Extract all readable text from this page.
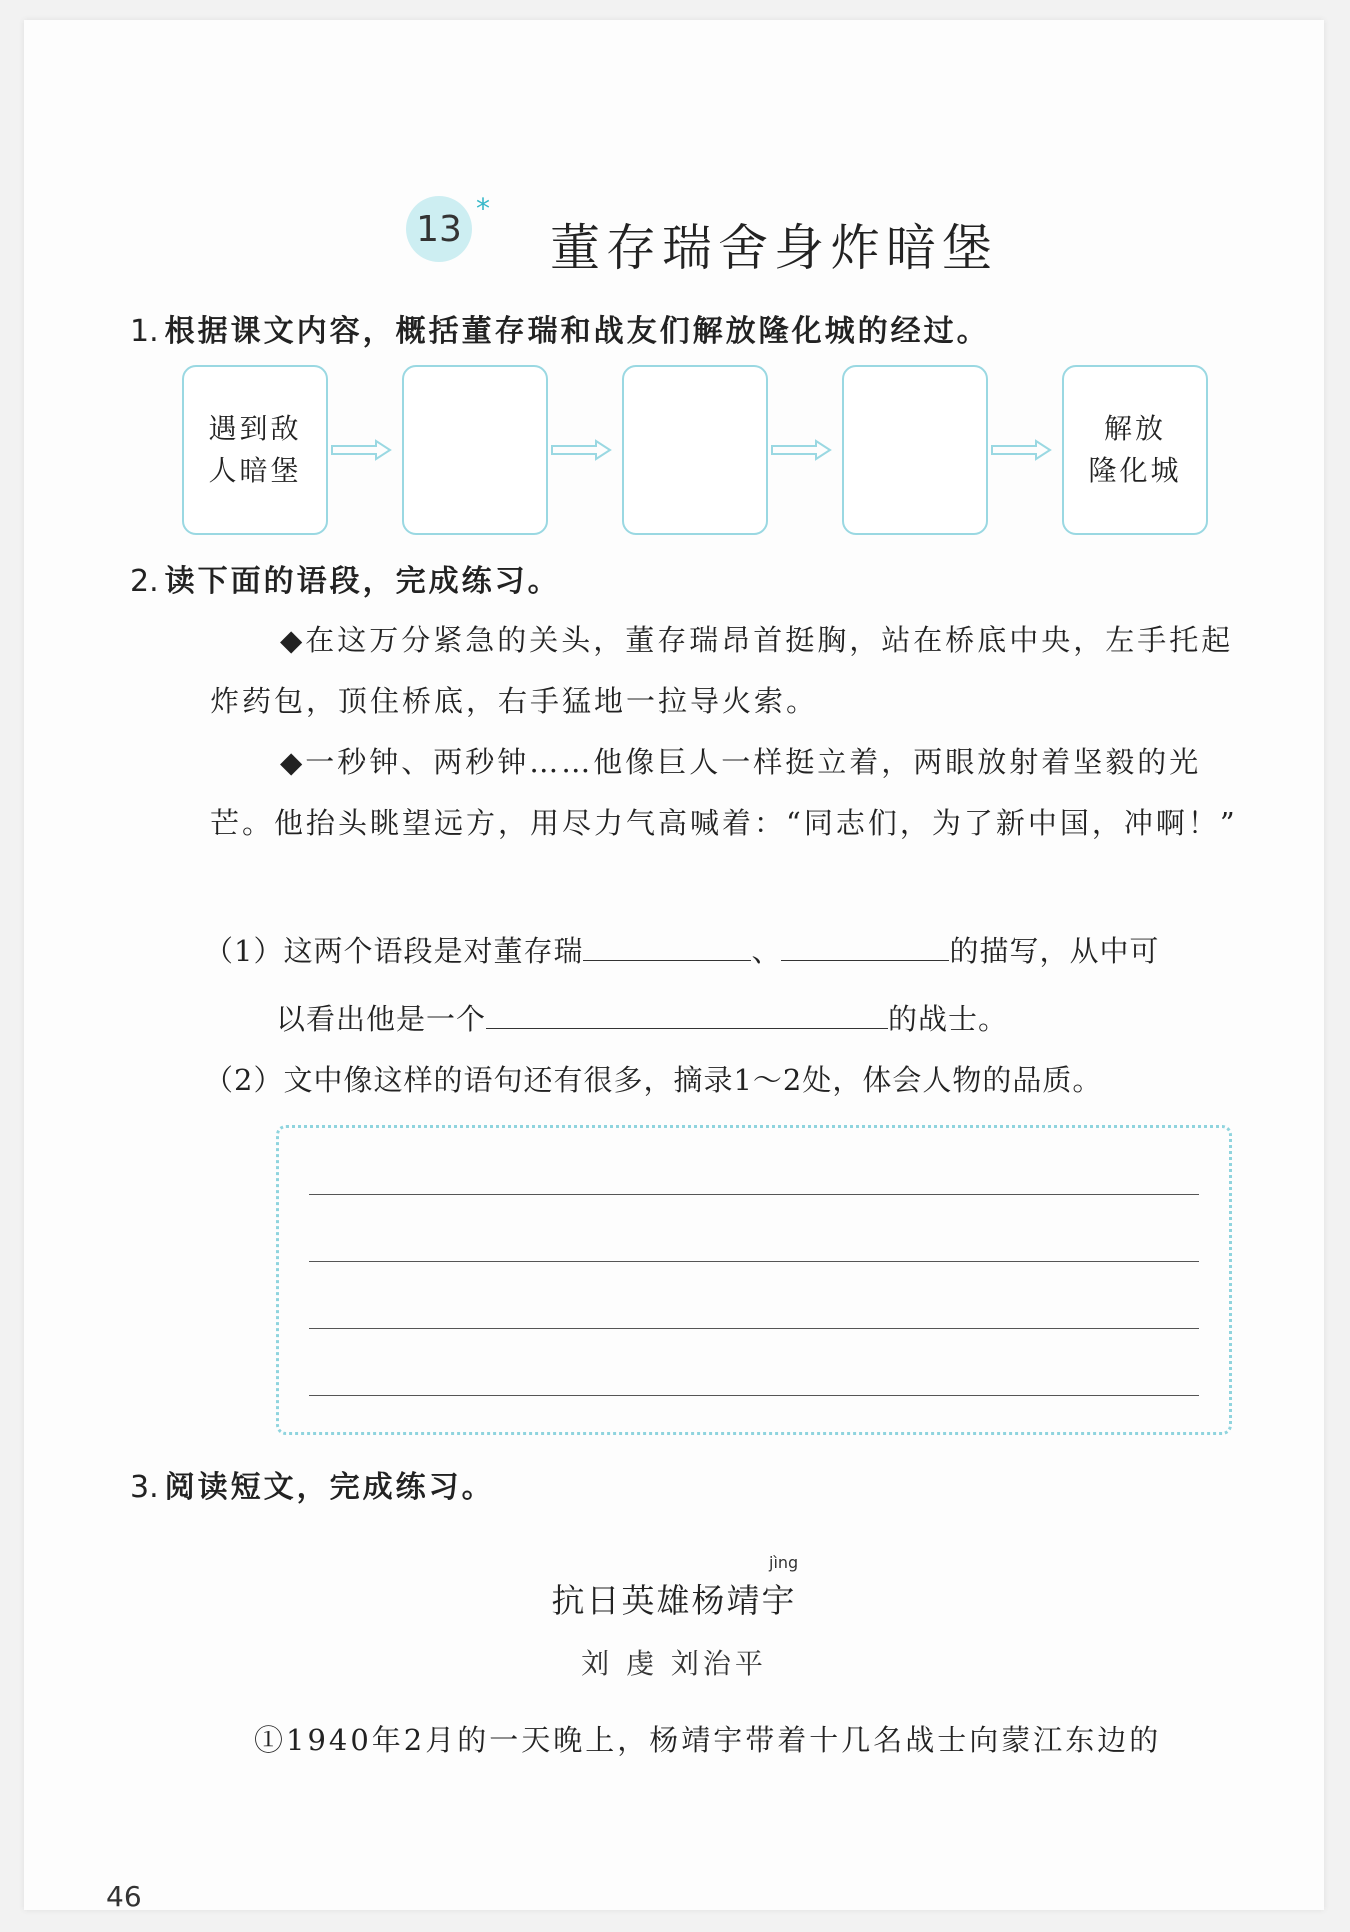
13 *
董存瑞舍身炸暗堡
1. 根据课文内容，概括董存瑞和战友们解放隆化城的经过。
遇到敌
人暗堡
解放
隆化城
2. 读下面的语段，完成练习。
◆在这万分紧急的关头，董存瑞昂首挺胸，站在桥底中央，左手托起炸药包，顶住桥底，右手猛地一拉导火索。
◆一秒钟、两秒钟……他像巨人一样挺立着，两眼放射着坚毅的光芒。他抬头眺望远方，用尽力气高喊着：“同志们，为了新中国，冲啊！”
（1）这两个语段是对董存瑞	、	的描写，从中可
以看出他是一个	的战士。
（2）文中像这样的语句还有很多，摘录1～2处，体会人物的品质。
3. 阅读短文，完成练习。
jìng
抗日英雄杨靖宇
刘 虔 刘治平
①1940年2月的一天晚上，杨靖宇带着十几名战士向蒙江东边的
46
